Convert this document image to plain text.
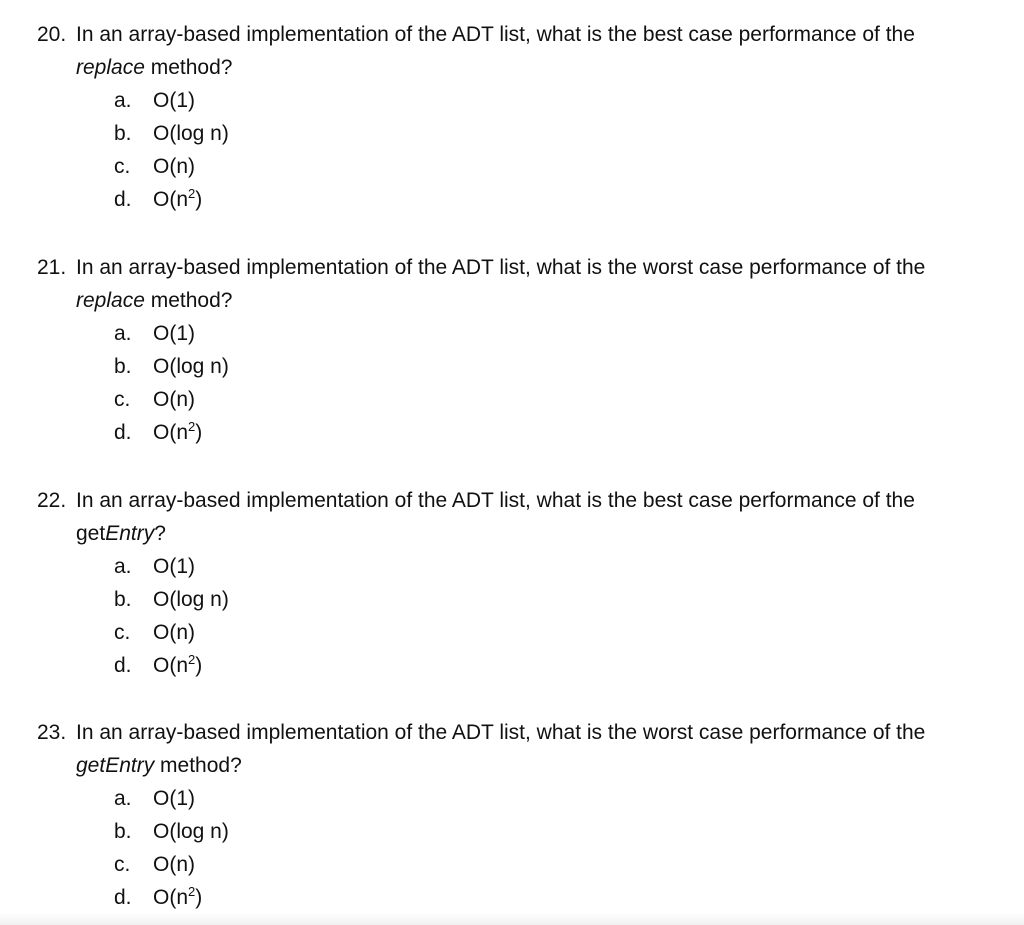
20. In an array-based implementation of the ADT list, what is the best case performance of the
replace method?
a. O(1)
b. O(log n)
c. O(n)
d. $O(n^2)$
21. In an array-based implementation of the ADT list, what is the worst case performance of the
replace method?
a. O(1)
b. O(log n)
c. O(n)
d. $O(n^2)$
22. In an array-based implementation of the ADT list, what is the best case performance of the
getEntry?
a. O(1)
b. O(log n)
c. O(n)
d. $O(n^2)$
23. In an array-based implementation of the ADT list, what is the worst case performance of the
getEntry method?
a. O(1)
b. O(log n)
c. O(n)
d. $O(n^2)$
